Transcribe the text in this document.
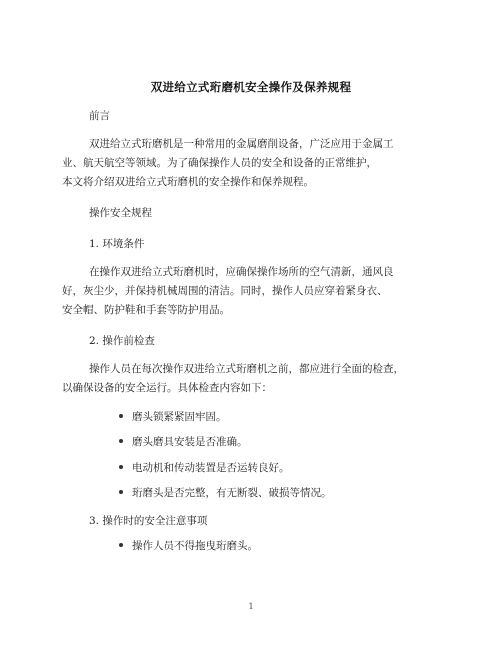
双进给立式珩磨机安全操作及保养规程
前言
双进给立式珩磨机是一种常用的金属磨削设备，广泛应用于金属工
业、航天航空等领域。为了确保操作人员的安全和设备的正常维护，
本文将介绍双进给立式珩磨机的安全操作和保养规程。
操作安全规程
1. 环境条件
在操作双进给立式珩磨机时，应确保操作场所的空气清新，通风良
好，灰尘少，并保持机械周围的清洁。同时，操作人员应穿着紧身衣、
安全帽、防护鞋和手套等防护用品。
2. 操作前检查
操作人员在每次操作双进给立式珩磨机之前，都应进行全面的检查，
以确保设备的安全运行。具体检查内容如下：
磨头锁紧紧固牢固。
磨头磨具安装是否准确。
电动机和传动装置是否运转良好。
珩磨头是否完整，有无断裂、破损等情况。
3. 操作时的安全注意事项
操作人员不得拖曳珩磨头。
1
